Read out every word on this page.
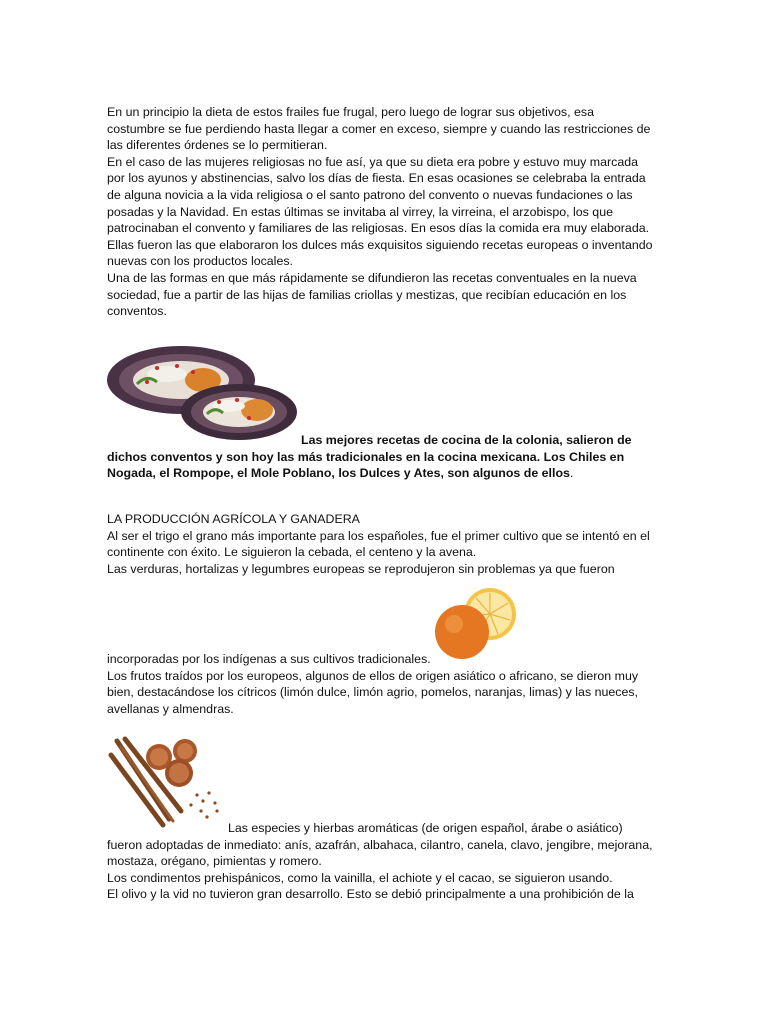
En un principio la dieta de estos frailes fue frugal, pero luego de lograr sus objetivos, esa
costumbre se fue perdiendo hasta llegar a comer en exceso, siempre y cuando las restricciones de
las diferentes órdenes se lo permitieran.
En el caso de las mujeres religiosas no fue así, ya que su dieta era pobre y estuvo muy marcada
por los ayunos y abstinencias, salvo los días de fiesta. En esas ocasiones se celebraba la entrada
de alguna novicia a la vida religiosa o el santo patrono del convento o nuevas fundaciones o las
posadas y la Navidad. En estas últimas se invitaba al virrey, la virreina, el arzobispo, los que
patrocinaban el convento y familiares de las religiosas. En esos días la comida era muy elaborada.
Ellas fueron las que elaboraron los dulces más exquisitos siguiendo recetas europeas o inventando
nuevas con los productos locales.
Una de las formas en que más rápidamente se difundieron las recetas conventuales en la nueva
sociedad, fue a partir de las hijas de familias criollas y mestizas, que recibían educación en los
conventos.
Las mejores recetas de cocina de la colonia, salieron de
dichos conventos y son hoy las más tradicionales en la cocina mexicana. Los Chiles en
Nogada, el Rompope, el Mole Poblano, los Dulces y Ates, son algunos de ellos.
LA PRODUCCIÓN AGRÍCOLA Y GANADERA
Al ser el trigo el grano más importante para los españoles, fue el primer cultivo que se intentó en el
continente con éxito. Le siguieron la cebada, el centeno y la avena.
Las verduras, hortalizas y legumbres europeas se reprodujeron sin problemas ya que fueron
incorporadas por los indígenas a sus cultivos tradicionales.
Los frutos traídos por los europeos, algunos de ellos de origen asiático o africano, se dieron muy
bien, destacándose los cítricos (limón dulce, limón agrio, pomelos, naranjas, limas) y las nueces,
avellanas y almendras.
Las especies y hierbas aromáticas (de origen español, árabe o asiático)
fueron adoptadas de inmediato: anís, azafrán, albahaca, cilantro, canela, clavo, jengibre, mejorana,
mostaza, orégano, pimientas y romero.
Los condimentos prehispánicos, como la vainilla, el achiote y el cacao, se siguieron usando.
El olivo y la vid no tuvieron gran desarrollo. Esto se debió principalmente a una prohibición de la
